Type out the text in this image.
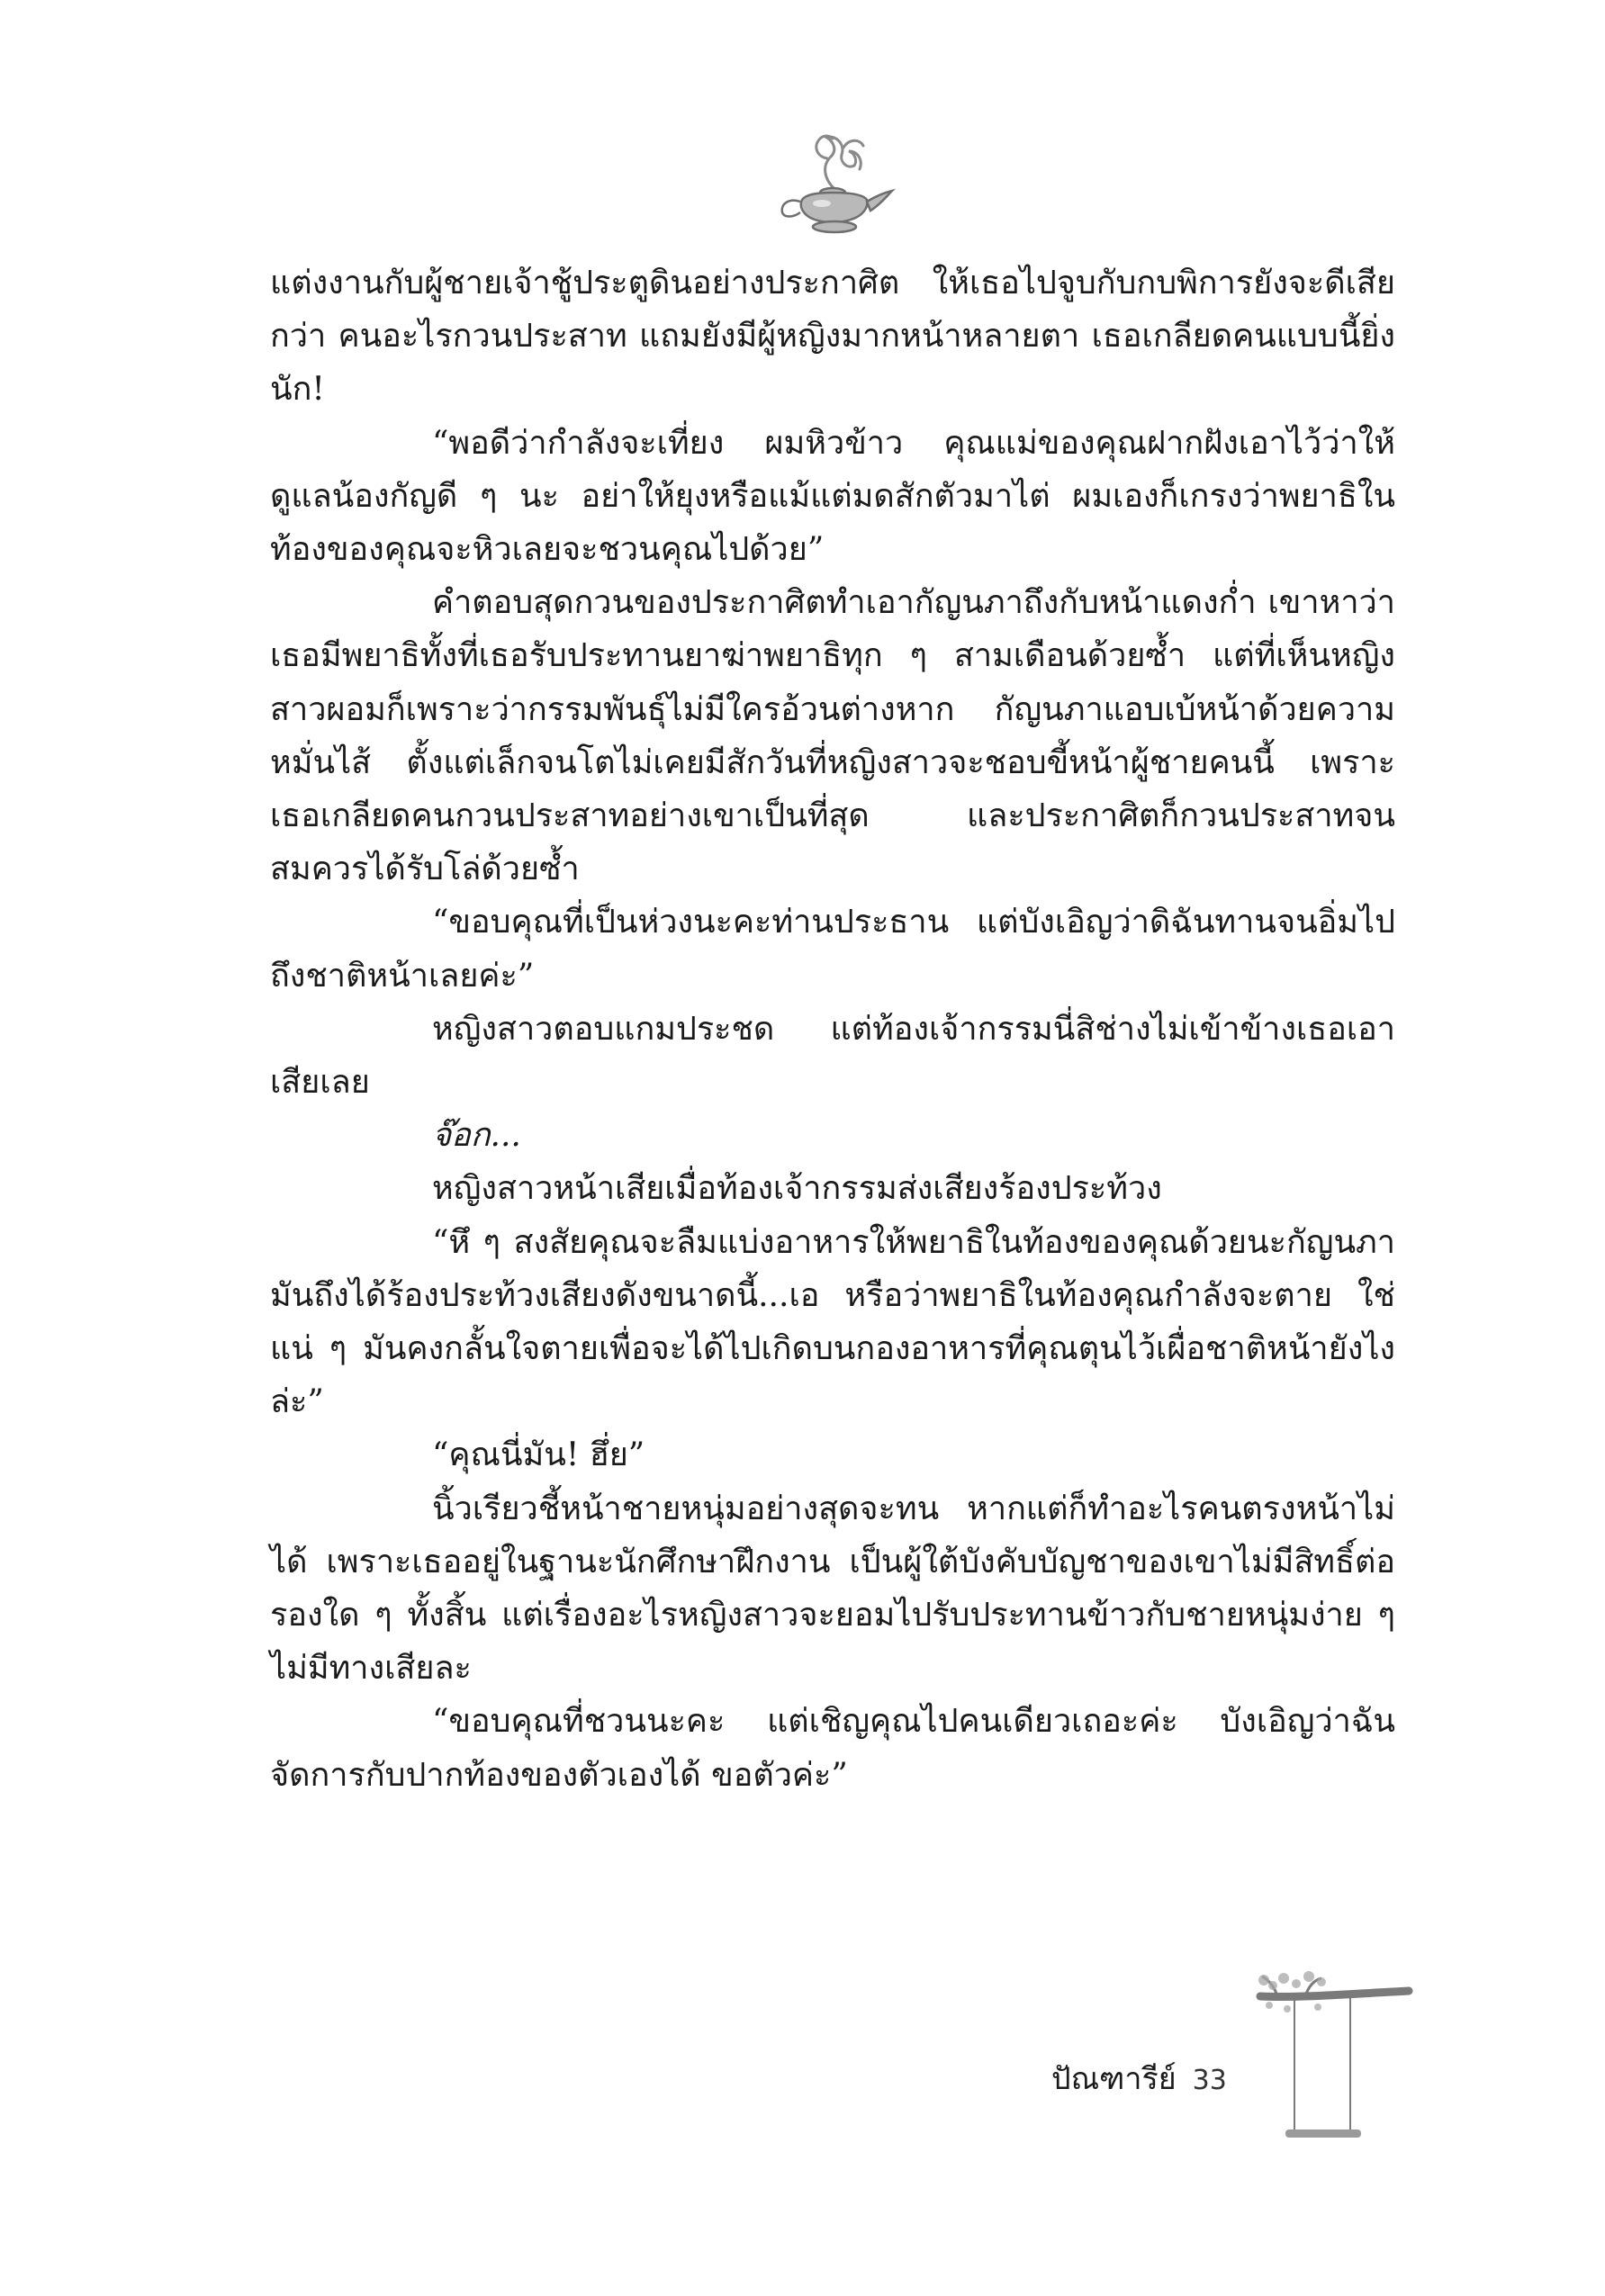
แต่งงานกับผู้ชายเจ้าชู้ประตูดินอย่างประกาศิต ให้เธอไปจูบกับกบพิการยังจะดีเสียกว่า คนอะไรกวนประสาท แถมยังมีผู้หญิงมากหน้าหลายตา เธอเกลียดคนแบบนี้ยิ่งนัก!

“พอดีว่ากำลังจะเที่ยง ผมหิวข้าว คุณแม่ของคุณฝากฝังเอาไว้ว่าให้ดูแลน้องกัญดี ๆ นะ อย่าให้ยุงหรือแม้แต่มดสักตัวมาไต่ ผมเองก็เกรงว่าพยาธิในท้องของคุณจะหิวเลยจะชวนคุณไปด้วย”

คำตอบสุดกวนของประกาศิตทำเอากัญนภาถึงกับหน้าแดงก่ำ เขาหาว่าเธอมีพยาธิทั้งที่เธอรับประทานยาฆ่าพยาธิทุก ๆ สามเดือนด้วยซ้ำ แต่ที่เห็นหญิงสาวผอมก็เพราะว่ากรรมพันธุ์ไม่มีใครอ้วนต่างหาก กัญนภาแอบเบ้หน้าด้วยความหมั่นไส้ ตั้งแต่เล็กจนโตไม่เคยมีสักวันที่หญิงสาวจะชอบขี้หน้าผู้ชายคนนี้ เพราะเธอเกลียดคนกวนประสาทอย่างเขาเป็นที่สุด และประกาศิตก็กวนประสาทจนสมควรได้รับโล่ด้วยซ้ำ

“ขอบคุณที่เป็นห่วงนะคะท่านประธาน แต่บังเอิญว่าดิฉันทานจนอิ่มไปถึงชาติหน้าเลยค่ะ”

หญิงสาวตอบแกมประชด แต่ท้องเจ้ากรรมนี่สิช่างไม่เข้าข้างเธอเอาเสียเลย

จ๊อก...

หญิงสาวหน้าเสียเมื่อท้องเจ้ากรรมส่งเสียงร้องประท้วง

“หึ ๆ สงสัยคุณจะลืมแบ่งอาหารให้พยาธิในท้องของคุณด้วยนะกัญนภา มันถึงได้ร้องประท้วงเสียงดังขนาดนี้...เอ หรือว่าพยาธิในท้องคุณกำลังจะตาย ใช่แน่ ๆ มันคงกลั้นใจตายเพื่อจะได้ไปเกิดบนกองอาหารที่คุณตุนไว้เผื่อชาติหน้ายังไงล่ะ”

“คุณนี่มัน! ฮึ่ย”

นิ้วเรียวชี้หน้าชายหนุ่มอย่างสุดจะทน หากแต่ก็ทำอะไรคนตรงหน้าไม่ได้ เพราะเธออยู่ในฐานะนักศึกษาฝึกงาน เป็นผู้ใต้บังคับบัญชาของเขาไม่มีสิทธิ์ต่อรองใด ๆ ทั้งสิ้น แต่เรื่องอะไรหญิงสาวจะยอมไปรับประทานข้าวกับชายหนุ่มง่าย ๆ ไม่มีทางเสียละ

“ขอบคุณที่ชวนนะคะ แต่เชิญคุณไปคนเดียวเถอะค่ะ บังเอิญว่าฉันจัดการกับปากท้องของตัวเองได้ ขอตัวค่ะ”

ปัณฑารีย์ 33
